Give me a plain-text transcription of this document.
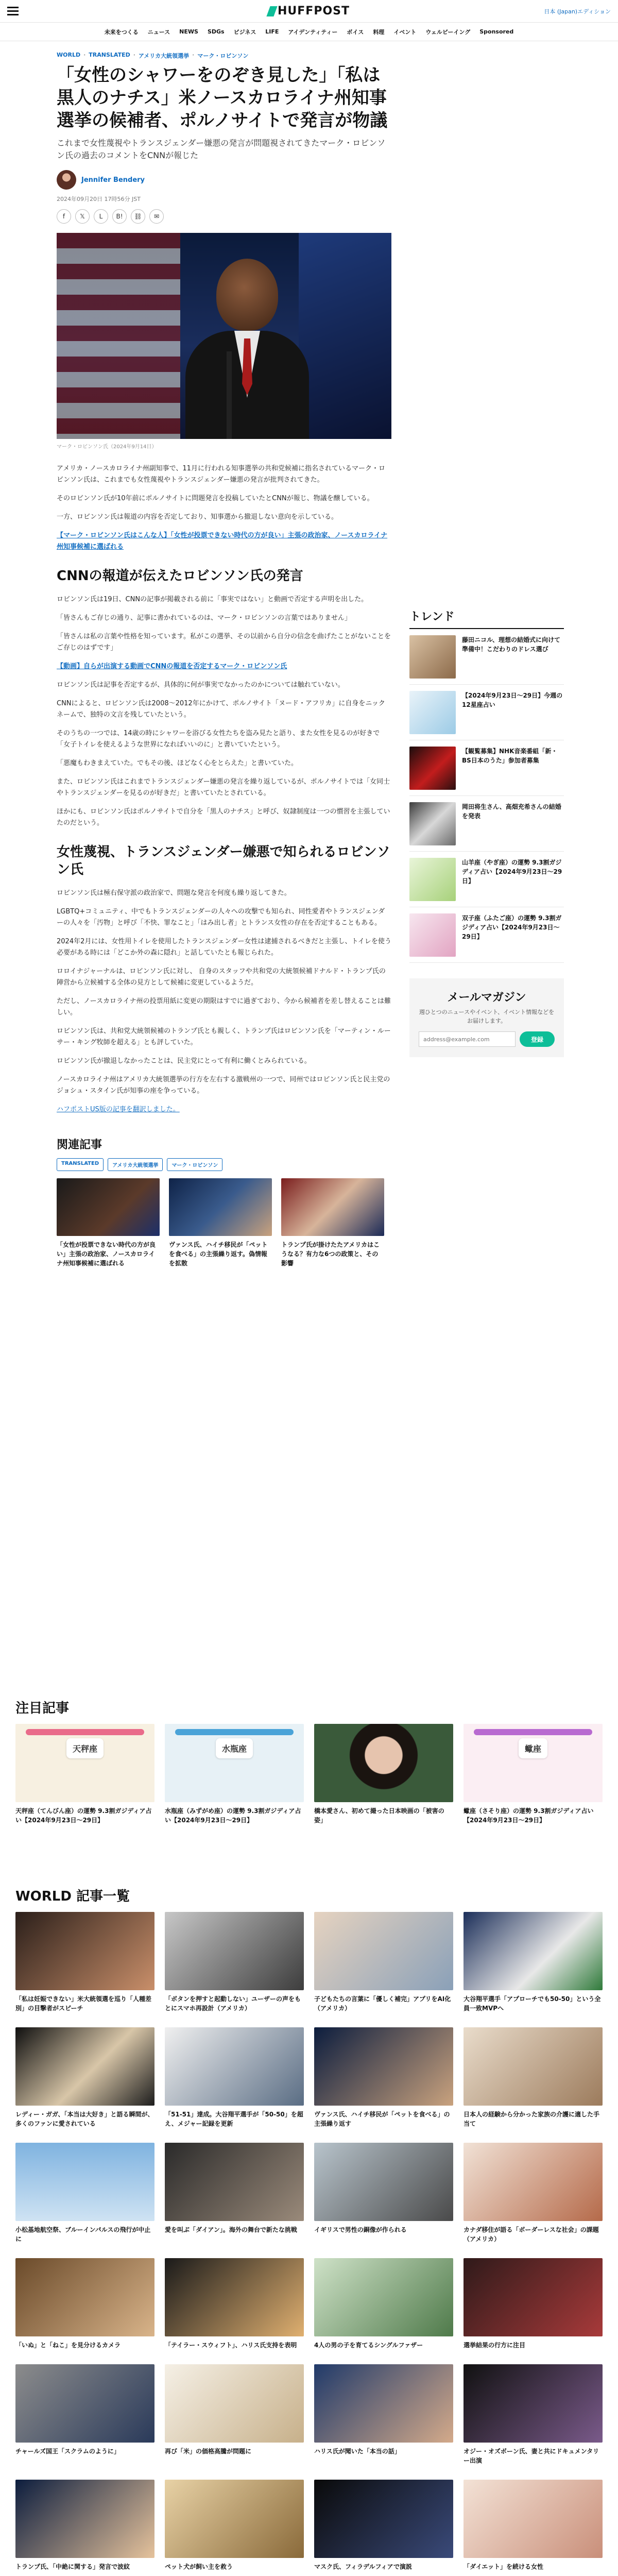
HUFFPOST	日本 (Japan)エディション
未来をつくる ニュース NEWS SDGs ビジネス LIFE アイデンティティー ボイス 料理 イベント ウェルビーイング Sponsored
WORLD · TRANSLATED · アメリカ大統領選挙 · マーク・ロビンソン
「女性のシャワーをのぞき見した」「私は黒人のナチス」米ノースカロライナ州知事選挙の候補者、ポルノサイトで発言が物議
これまで女性蔑視やトランスジェンダー嫌悪の発言が問題視されてきたマーク・ロビンソン氏の過去のコメントをCNNが報じた
Jennifer Bendery
2024年09月20日 17時56分 JST
f	𝕏	L	B!	⛓	✉
マーク・ロビンソン氏（2024年9月14日）

アメリカ・ノースカロライナ州副知事で、11月に行われる知事選挙の共和党候補に指名されているマーク・ロビンソン氏は、これまでも女性蔑視やトランスジェンダー嫌悪の発言が批判されてきた。

そのロビンソン氏が10年前にポルノサイトに問題発言を投稿していたとCNNが報じ、物議を醸している。

一方、ロビンソン氏は報道の内容を否定しており、知事選から撤退しない意向を示している。

【マーク・ロビンソン氏はこんな人】「女性が投票できない時代の方が良い」主張の政治家、ノースカロライナ州知事候補に選ばれる

CNNの報道が伝えたロビンソン氏の発言

ロビンソン氏は19日、CNNの記事が掲載される前に「事実ではない」と動画で否定する声明を出した。

「皆さんもご存じの通り、記事に書かれているのは、マーク・ロビンソンの言葉ではありません」

「皆さんは私の言葉や性格を知っています。私がこの選挙、その以前から自分の信念を曲げたことがないことをご存じのはずです」

【動画】自らが出演する動画でCNNの報道を否定するマーク・ロビンソン氏

ロビンソン氏は記事を否定するが、具体的に何が事実でなかったのかについては触れていない。

CNNによると、ロビンソン氏は2008〜2012年にかけて、ポルノサイト「ヌード・アフリカ」に自身をニックネームで、独特の文言を残していたという。

そのうちの一つでは、14歳の時にシャワーを浴びる女性たちを盗み見たと語り、また女性を見るのが好きで「女子トイレを使えるような世界になればいいのに」と書いていたという。

「悪魔もわきまえていた。でもその後、ほどなく心をとらえた」と書いていた。

また、ロビンソン氏はこれまでトランスジェンダー嫌悪の発言を繰り返しているが、ポルノサイトでは「女同士やトランスジェンダーを見るのが好きだ」と書いていたとされている。

ほかにも、ロビンソン氏はポルノサイトで自分を「黒人のナチス」と呼び、奴隷制度は一つの慣習を主張していたのだという。

女性蔑視、トランスジェンダー嫌悪で知られるロビンソン氏

ロビンソン氏は極右保守派の政治家で、問題な発言を何度も繰り返してきた。

LGBTQ+コミュニティ、中でもトランスジェンダーの人々への攻撃でも知られ、同性愛者やトランスジェンダーの人々を「汚物」と呼び「不快、罪なこと」「はみ出し者」とトランス女性の存在を否定することもある。

2024年2月には、女性用トイレを使用したトランスジェンダー女性は逮捕されるべきだと主張し、トイレを使う必要がある時には「どこか外の森に隠れ」と話していたとも報じられた。

ロロイナジャーナルは、ロビンソン氏に対し、 自身のスタッフや共和党の大統領候補ドナルド・トランプ氏の陣営から立候補する全体の見方として候補に変更しているようだ。

ただし、ノースカロライナ州の投票用紙に変更の期限はすでに過ぎており、今から候補者を差し替えることは難しい。

ロビンソン氏は、共和党大統領候補のトランプ氏とも親しく、トランプ氏はロビンソン氏を「マーティン・ルーサー・キング牧師を超える」とも評していた。

ロビンソン氏が撤退しなかったことは、民主党にとって有利に働くとみられている。

ノースカロライナ州はアメリカ大統領選挙の行方を左右する激戦州の一つで、同州ではロビンソン氏と民主党のジョシュ・スタイン氏が知事の座を争っている。

ハフポストUS版の記事を翻訳しました。

関連記事
TRANSLATED	アメリカ大統領選挙	マーク・ロビンソン
「女性が投票できない時代の方が良い」主張の政治家、ノースカロライナ州知事候補に選ばれる
ヴァンス氏、ハイチ移民が「ペットを食べる」の主張繰り返す。偽情報を拡散
トランプ氏が掛けたたアメリカはこうなる？有力な6つの政策と、その影響
トレンド
藤田ニコル、理想の結婚式に向けて準備中！こだわりのドレス選び
【2024年9月23日〜29日】今週の12星座占い
【観覧募集】NHK音楽番組「新・BS日本のうた」参加者募集
岡田将生さん、高畑充希さんの結婚を発表
山羊座（やぎ座）の運勢 9.3割ガジディア占い【2024年9月23日〜29日】
双子座（ふたご座）の運勢 9.3割ガジディア占い【2024年9月23日〜29日】
メールマガジン

週ひとつのニュースやイベント、イベント情報などをお届けします。

address@example.com
登録
注目記事
天秤座
天秤座（てんびん座）の運勢 9.3割ガジディア占い【2024年9月23日〜29日】
水瓶座
水瓶座（みずがめ座）の運勢 9.3割ガジディア占い【2024年9月23日〜29日】
橋本愛さん、初めて撮った日本映画の「被害の姿」
蠍座
蠍座（さそり座）の運勢 9.3割ガジディア占い【2024年9月23日〜29日】
WORLD 記事一覧
「私は妊娠できない」米大統領選を巡り「人種差別」の目撃者がスピーチ
「ボタンを押すと起動しない」ユーザーの声をもとにスマホ再設計（アメリカ）
子どもたちの言葉に「優しく補完」アプリをAI化（アメリカ）
大谷翔平選手「アプローチでも50-50」という全員一致MVPへ
レディー・ガガ、「本当は大好き」と語る瞬間が、多くのファンに愛されている
「51-51」達成。大谷翔平選手が「50-50」を超え、メジャー記録を更新
ヴァンス氏、ハイチ移民が「ペットを食べる」の主張繰り返す
日本人の経験から分かった家族の介護に適した手当て
小松基地航空祭、ブルーインパルスの飛行が中止に
愛を叫ぶ「ダイアン」。海外の舞台で新たな挑戦	イギリスで男性の銅像が作られる	カナダ移住が語る「ボーダーレスな社会」の課題（アメリカ）
「いぬ」と「ねこ」を見分けるカメラ	「テイラー・スウィフト」、ハリス氏支持を表明	4人の男の子を育てるシングルファザー	選挙結果の行方に注目
チャールズ国王「スクラムのように」	再び「米」の価格高騰が問題に	ハリス氏が聞いた「本当の話」	オジー・オズボーン氏、妻と共にドキュメンタリー出演
トランプ氏、「中絶に関する」発言で波紋	ペット犬が飼い主を救う	マスク氏、フィラデルフィアで演説	「ダイエット」を続ける女性
